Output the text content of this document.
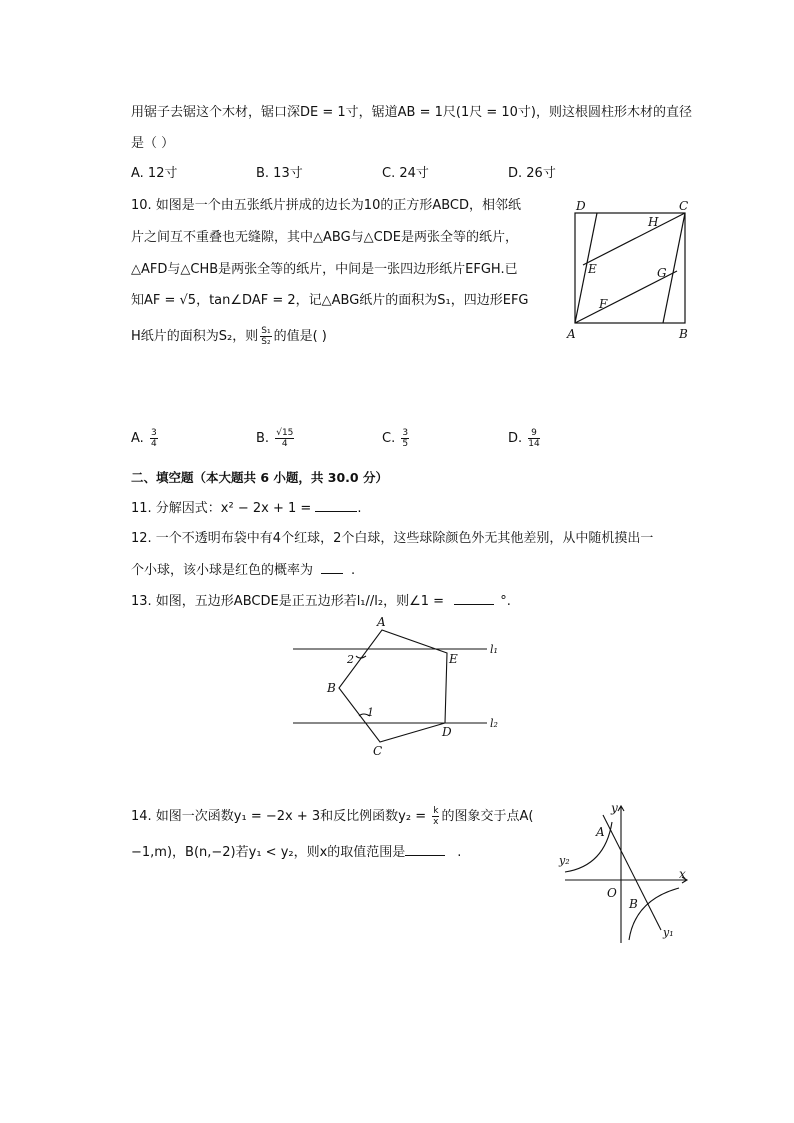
用锯子去锯这个木材，锯口深DE = 1寸，锯道AB = 1尺(1尺 = 10寸)，则这根圆柱形木材的直径
是（ ）
A. 12寸	B. 13寸	C. 24寸	D. 26寸
10. 如图是一个由五张纸片拼成的边长为10的正方形ABCD，相邻纸
片之间互不重叠也无缝隙，其中△ABG与△CDE是两张全等的纸片，
△AFD与△CHB是两张全等的纸片，中间是一张四边形纸片EFGH.已
知AF = √5，tan∠DAF = 2，记△ABG纸片的面积为S₁，四边形EFG
H纸片的面积为S₂，则 $\frac{\text{S₁}}{\text{S₂}}$ 的值是( )
D	C
H
E	G
F
A	B
A. $\frac{3}{4}$	B. $\frac{√15}{4}$	C. $\frac{3}{5}$	D. $\frac{9}{14}$
二、填空题（本大题共 6 小题，共 30.0 分）
11. 分解因式：x² − 2x + 1 =	.
12. 一个不透明布袋中有4个红球，2个白球，这些球除颜色外无其他差别，从中随机摸出一
个小球，该小球是红色的概率为	.
13. 如图，五边形ABCDE是正五边形若l₁//l₂，则∠1 =	°.
A
E
B
D
C
2
1
l₁
l₂
14. 如图一次函数y₁ = −2x + 3和反比例函数$y_2 = \frac{k}{x}$ 的图象交于点A(
−1,m)，B(n,−2)若y₁ < y₂，则x的取值范围是	.
y
x
O
A
B
y₂
y₁
